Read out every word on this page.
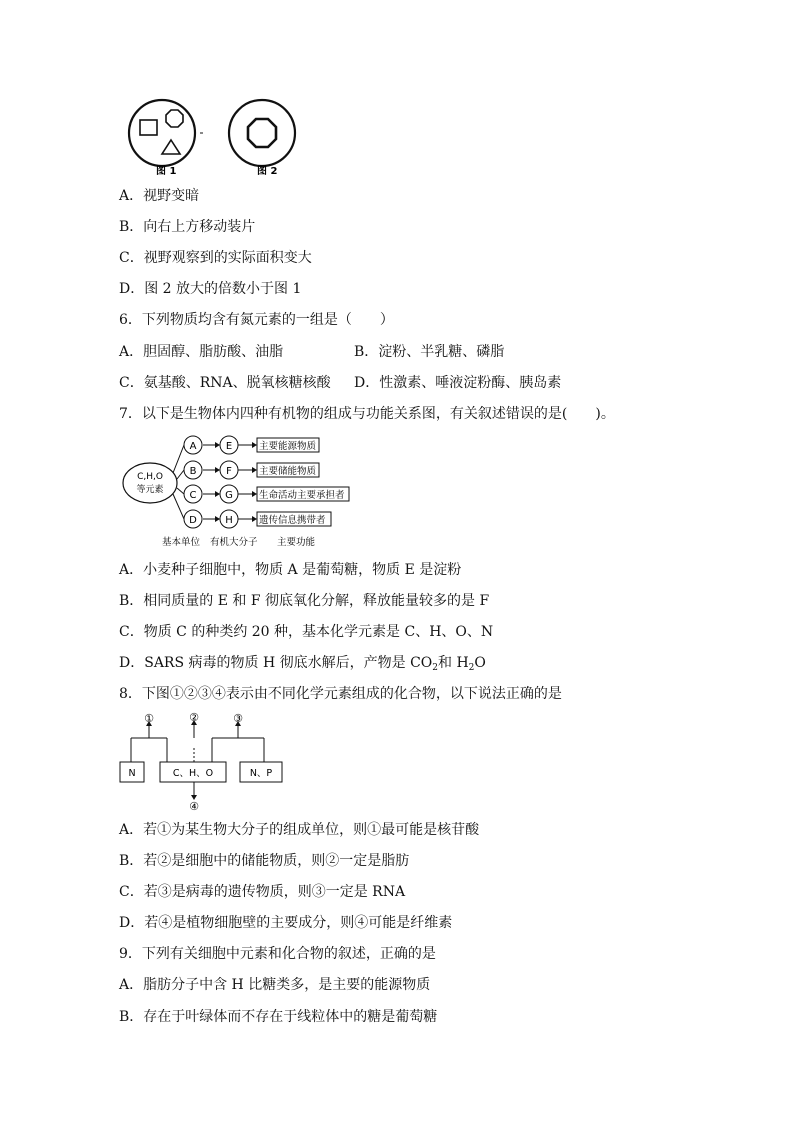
图 1	图 2
A．视野变暗
B．向右上方移动装片
C．视野观察到的实际面积变大
D．图 2 放大的倍数小于图 1
6．下列物质均含有氮元素的一组是（　　）
A．胆固醇、脂肪酸、油脂	B．淀粉、半乳糖、磷脂
C．氨基酸、RNA、脱氧核糖核酸 D．性激素、唾液淀粉酶、胰岛素
7．以下是生物体内四种有机物的组成与功能关系图，有关叙述错误的是(　　)。
C,H,O
等元素
A
B
C
D
E
F
G
H
主要能源物质
主要储能物质
生命活动主要承担者
遗传信息携带者
基本单位 有机大分子 主要功能
A．小麦种子细胞中，物质 A 是葡萄糖，物质 E 是淀粉
B．相同质量的 E 和 F 彻底氧化分解，释放能量较多的是 F
C．物质 C 的种类约 20 种，基本化学元素是 C、H、O、N
D．SARS 病毒的物质 H 彻底水解后，产物是 $CO_2$和 $H_2O$
8．下图①②③④表示由不同化学元素组成的化合物，以下说法正确的是
N	C、H、O	N、P
①	②	③
④
A．若①为某生物大分子的组成单位，则①最可能是核苷酸
B．若②是细胞中的储能物质，则②一定是脂肪
C．若③是病毒的遗传物质，则③一定是 RNA
D．若④是植物细胞壁的主要成分，则④可能是纤维素
9．下列有关细胞中元素和化合物的叙述，正确的是
A．脂肪分子中含 H 比糖类多，是主要的能源物质
B．存在于叶绿体而不存在于线粒体中的糖是葡萄糖
